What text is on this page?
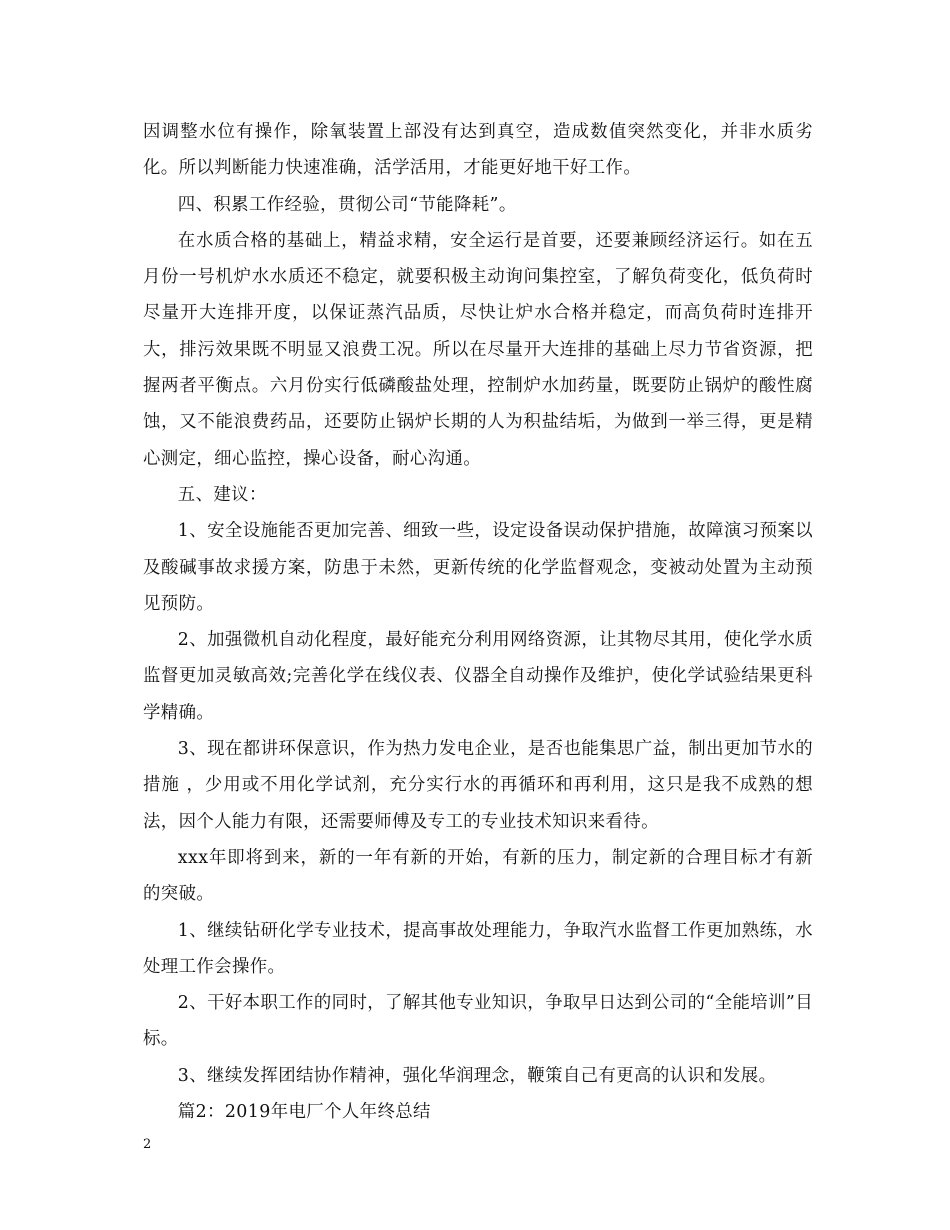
因调整水位有操作，除氧装置上部没有达到真空，造成数值突然变化，并非水质劣化。所以判断能力快速准确，活学活用，才能更好地干好工作。

四、积累工作经验，贯彻公司“节能降耗”。

在水质合格的基础上，精益求精，安全运行是首要，还要兼顾经济运行。如在五月份一号机炉水水质还不稳定，就要积极主动询问集控室，了解负荷变化，低负荷时尽量开大连排开度，以保证蒸汽品质，尽快让炉水合格并稳定，而高负荷时连排开大，排污效果既不明显又浪费工况。所以在尽量开大连排的基础上尽力节省资源，把握两者平衡点。六月份实行低磷酸盐处理，控制炉水加药量，既要防止锅炉的酸性腐蚀，又不能浪费药品，还要防止锅炉长期的人为积盐结垢，为做到一举三得，更是精心测定，细心监控，操心设备，耐心沟通。

五、建议：

1、安全设施能否更加完善、细致一些，设定设备误动保护措施，故障演习预案以及酸碱事故求援方案，防患于未然，更新传统的化学监督观念，变被动处置为主动预见预防。

2、加强微机自动化程度，最好能充分利用网络资源，让其物尽其用，使化学水质监督更加灵敏高效;完善化学在线仪表、仪器全自动操作及维护，使化学试验结果更科学精确。

3、现在都讲环保意识，作为热力发电企业，是否也能集思广益，制出更加节水的措施 ，少用或不用化学试剂，充分实行水的再循环和再利用，这只是我不成熟的想法，因个人能力有限，还需要师傅及专工的专业技术知识来看待。

xxx年即将到来，新的一年有新的开始，有新的压力，制定新的合理目标才有新的突破。

1、继续钻研化学专业技术，提高事故处理能力，争取汽水监督工作更加熟练，水处理工作会操作。

2、干好本职工作的同时，了解其他专业知识，争取早日达到公司的“全能培训”目标。

3、继续发挥团结协作精神，强化华润理念，鞭策自己有更高的认识和发展。

篇2：2019年电厂个人年终总结

2
